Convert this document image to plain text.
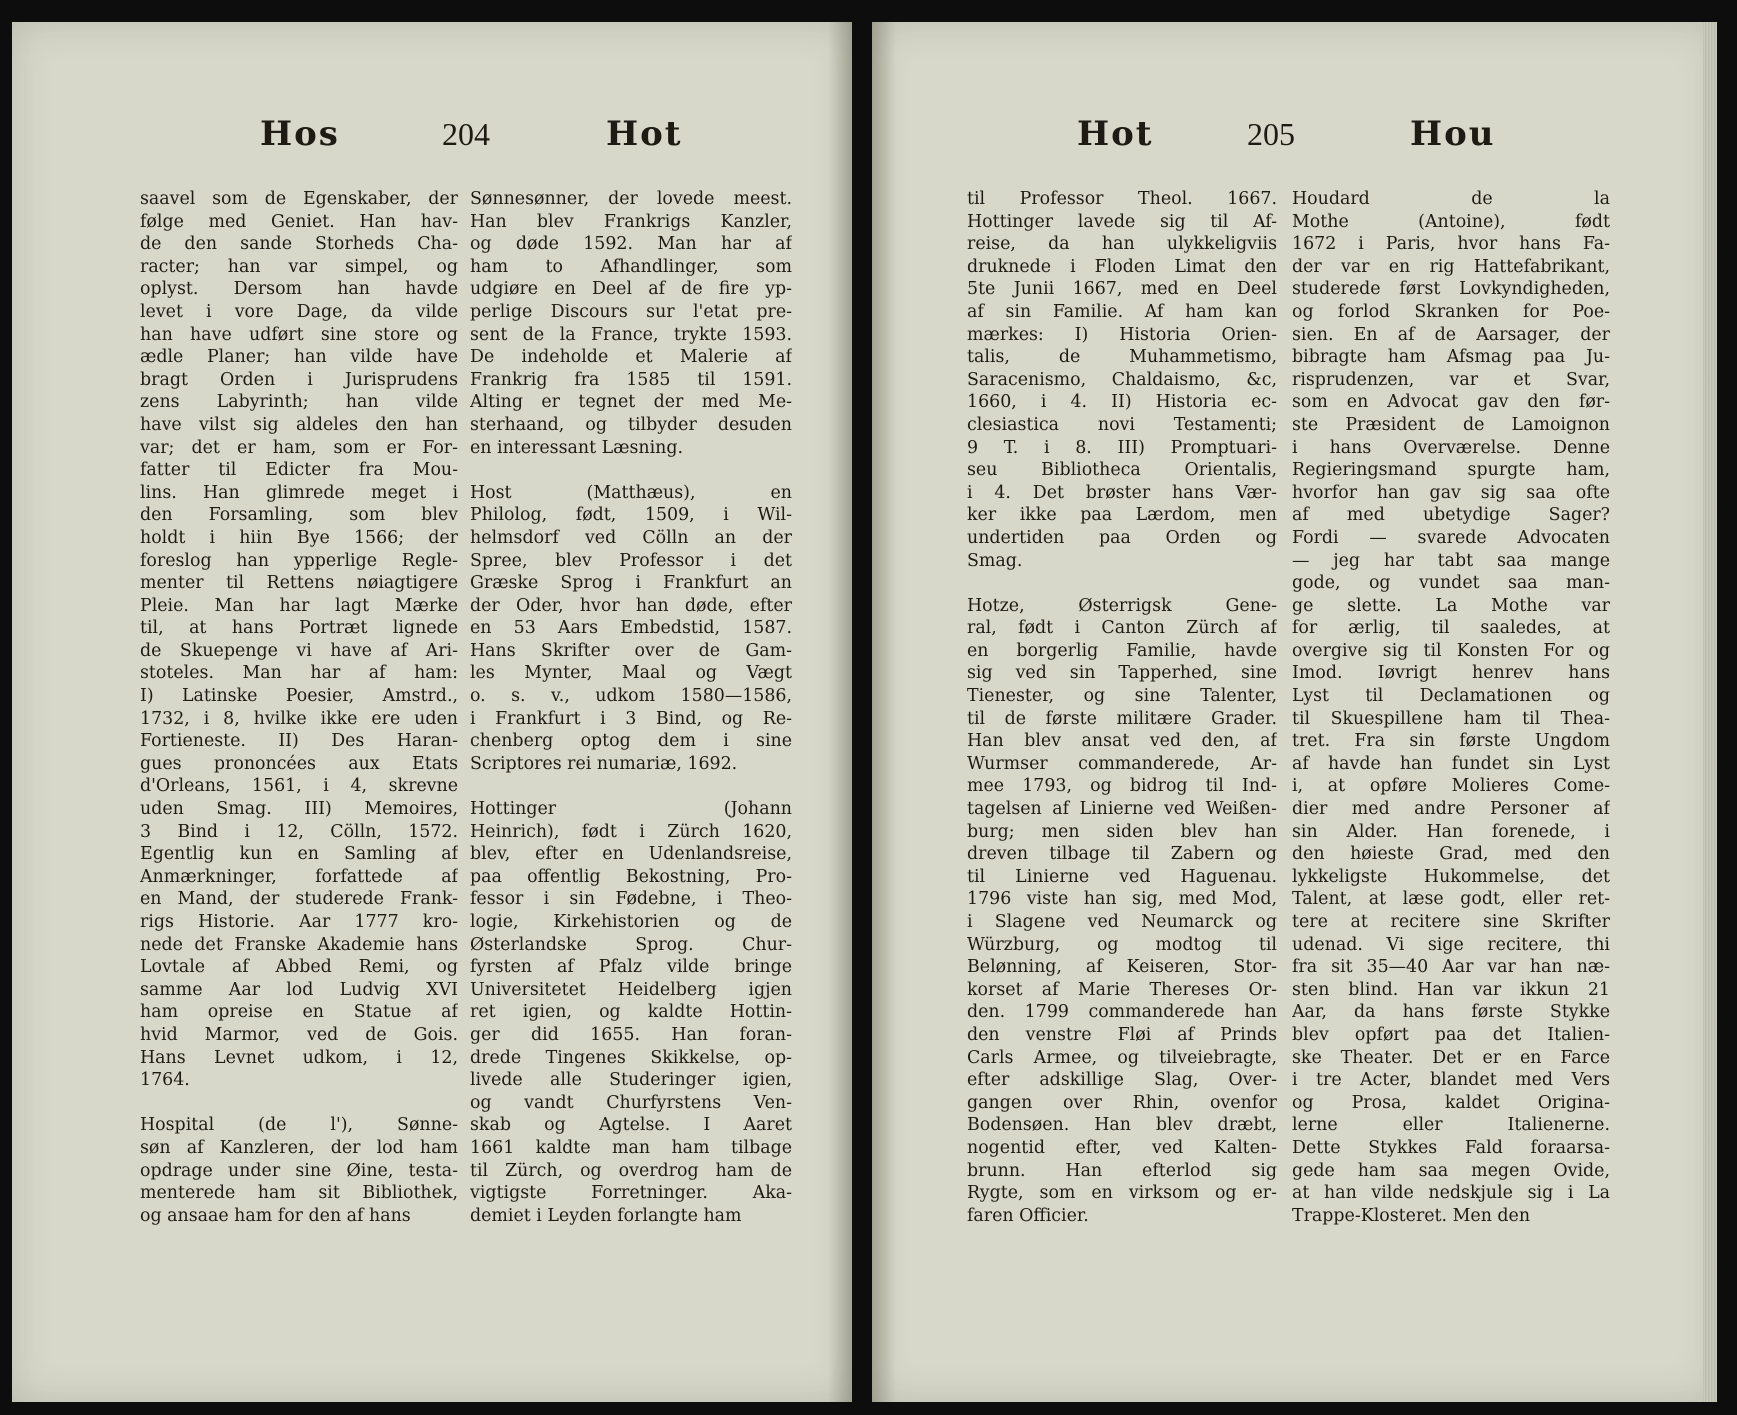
Hos	204	Hot
saavel som de Egenskaber, der
følge med Geniet. Han hav-
de den sande Storheds Cha-
racter; han var simpel, og
oplyst. Dersom han havde
levet i vore Dage, da vilde
han have udført sine store og
ædle Planer; han vilde have
bragt Orden i Jurisprudens
zens Labyrinth; han vilde
have vilst sig aldeles den han
var; det er ham, som er For-
fatter til Edicter fra Mou-
lins. Han glimrede meget i
den Forsamling, som blev
holdt i hiin Bye 1566; der
foreslog han ypperlige Regle-
menter til Rettens nøiagtigere
Pleie. Man har lagt Mærke
til, at hans Portræt lignede
de Skuepenge vi have af Ari-
stoteles. Man har af ham:
I) Latinske Poesier, Amstrd.,
1732, i 8, hvilke ikke ere uden
Fortieneste. II) Des Haran-
gues prononcées aux Etats
d'Orleans, 1561, i 4, skrevne
uden Smag. III) Memoires,
3 Bind i 12, Cölln, 1572.
Egentlig kun en Samling af
Anmærkninger, forfattede af
en Mand, der studerede Frank-
rigs Historie. Aar 1777 kro-
nede det Franske Akademie hans
Lovtale af Abbed Remi, og
samme Aar lod Ludvig XVI
ham opreise en Statue af
hvid Marmor, ved de Gois.
Hans Levnet udkom, i 12,
1764.
Hospital (de l'), Sønne-
søn af Kanzleren, der lod ham
opdrage under sine Øine, testa-
menterede ham sit Bibliothek,
og ansaae ham for den af hans
Sønnesønner, der lovede meest.
Han blev Frankrigs Kanzler,
og døde 1592. Man har af
ham to Afhandlinger, som
udgiøre en Deel af de fire yp-
perlige Discours sur l'etat pre-
sent de la France, trykte 1593.
De indeholde et Malerie af
Frankrig fra 1585 til 1591.
Alting er tegnet der med Me-
sterhaand, og tilbyder desuden
en interessant Læsning.
Host (Matthæus), en
Philolog, født, 1509, i Wil-
helmsdorf ved Cölln an der
Spree, blev Professor i det
Græske Sprog i Frankfurt an
der Oder, hvor han døde, efter
en 53 Aars Embedstid, 1587.
Hans Skrifter over de Gam-
les Mynter, Maal og Vægt
o. s. v., udkom 1580—1586,
i Frankfurt i 3 Bind, og Re-
chenberg optog dem i sine
Scriptores rei numariæ, 1692.
Hottinger (Johann
Heinrich), født i Zürch 1620,
blev, efter en Udenlandsreise,
paa offentlig Bekostning, Pro-
fessor i sin Fødebne, i Theo-
logie, Kirkehistorien og de
Østerlandske Sprog. Chur-
fyrsten af Pfalz vilde bringe
Universitetet Heidelberg igjen
ret igien, og kaldte Hottin-
ger did 1655. Han foran-
drede Tingenes Skikkelse, op-
livede alle Studeringer igien,
og vandt Churfyrstens Ven-
skab og Agtelse. I Aaret
1661 kaldte man ham tilbage
til Zürch, og overdrog ham de
vigtigste Forretninger. Aka-
demiet i Leyden forlangte ham
Hot	205	Hou
til Professor Theol. 1667.
Hottinger lavede sig til Af-
reise, da han ulykkeligviis
druknede i Floden Limat den
5te Junii 1667, med en Deel
af sin Familie. Af ham kan
mærkes: I) Historia Orien-
talis, de Muhammetismo,
Saracenismo, Chaldaismo, &c,
1660, i 4. II) Historia ec-
clesiastica novi Testamenti;
9 T. i 8. III) Promptuari-
seu Bibliotheca Orientalis,
i 4. Det brøster hans Vær-
ker ikke paa Lærdom, men
undertiden paa Orden og
Smag.
Hotze, Østerrigsk Gene-
ral, født i Canton Zürch af
en borgerlig Familie, havde
sig ved sin Tapperhed, sine
Tienester, og sine Talenter,
til de første militære Grader.
Han blev ansat ved den, af
Wurmser commanderede, Ar-
mee 1793, og bidrog til Ind-
tagelsen af Linierne ved Weißen-
burg; men siden blev han
dreven tilbage til Zabern og
til Linierne ved Haguenau.
1796 viste han sig, med Mod,
i Slagene ved Neumarck og
Würzburg, og modtog til
Belønning, af Keiseren, Stor-
korset af Marie Thereses Or-
den. 1799 commanderede han
den venstre Fløi af Prinds
Carls Armee, og tilveiebragte,
efter adskillige Slag, Over-
gangen over Rhin, ovenfor
Bodensøen. Han blev dræbt,
nogentid efter, ved Kalten-
brunn. Han efterlod sig
Rygte, som en virksom og er-
faren Officier.
Houdard de la
Mothe (Antoine), født
1672 i Paris, hvor hans Fa-
der var en rig Hattefabrikant,
studerede først Lovkyndigheden,
og forlod Skranken for Poe-
sien. En af de Aarsager, der
bibragte ham Afsmag paa Ju-
risprudenzen, var et Svar,
som en Advocat gav den før-
ste Præsident de Lamoignon
i hans Overværelse. Denne
Regieringsmand spurgte ham,
hvorfor han gav sig saa ofte
af med ubetydige Sager?
Fordi — svarede Advocaten
— jeg har tabt saa mange
gode, og vundet saa man-
ge slette. La Mothe var
for ærlig, til saaledes, at
overgive sig til Konsten For og
Imod. Iøvrigt henrev hans
Lyst til Declamationen og
til Skuespillene ham til Thea-
tret. Fra sin første Ungdom
af havde han fundet sin Lyst
i, at opføre Molieres Come-
dier med andre Personer af
sin Alder. Han forenede, i
den høieste Grad, med den
lykkeligste Hukommelse, det
Talent, at læse godt, eller ret-
tere at recitere sine Skrifter
udenad. Vi sige recitere, thi
fra sit 35—40 Aar var han næ-
sten blind. Han var ikkun 21
Aar, da hans første Stykke
blev opført paa det Italien-
ske Theater. Det er en Farce
i tre Acter, blandet med Vers
og Prosa, kaldet Origina-
lerne eller Italienerne.
Dette Stykkes Fald foraarsa-
gede ham saa megen Ovide,
at han vilde nedskjule sig i La
Trappe-Klosteret. Men den
